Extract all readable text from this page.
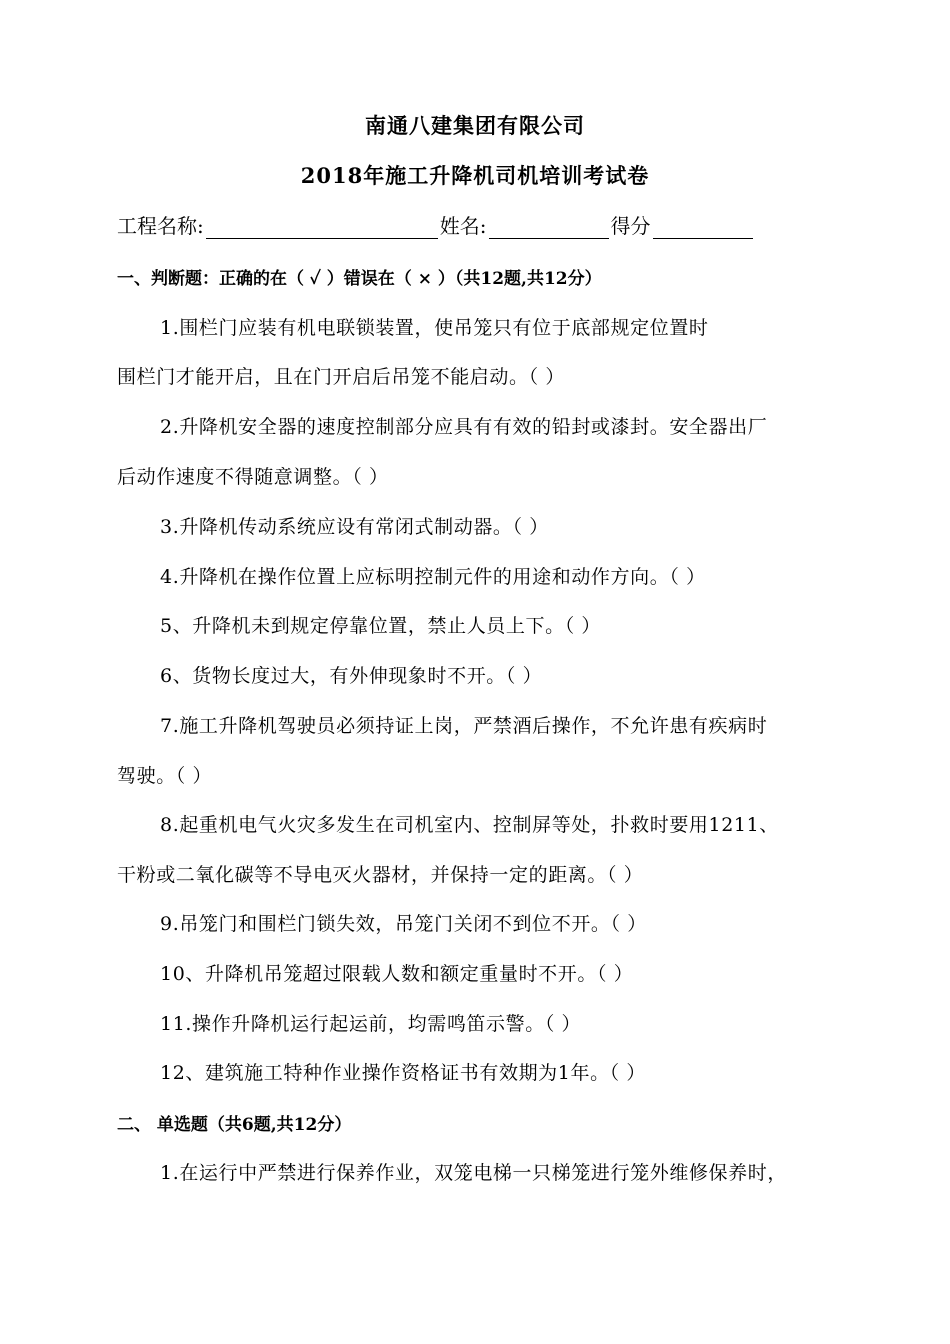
南通八建集团有限公司
2018年施工升降机司机培训考试卷
工程名称:	姓名:	得分
一、判断题：正确的在（ ✓ ）错误在（ × ）（共12题,共12分）
1.围栏门应装有机电联锁装置，使吊笼只有位于底部规定位置时
围栏门才能开启，且在门开启后吊笼不能启动。（ ）
2.升降机安全器的速度控制部分应具有有效的铅封或漆封。安全器出厂
后动作速度不得随意调整。（ ）
3.升降机传动系统应设有常闭式制动器。（ ）
4.升降机在操作位置上应标明控制元件的用途和动作方向。（ ）
5、升降机未到规定停靠位置，禁止人员上下。（ ）
6、货物长度过大，有外伸现象时不开。（ ）
7.施工升降机驾驶员必须持证上岗，严禁酒后操作，不允许患有疾病时
驾驶。（ ）
8.起重机电气火灾多发生在司机室内、控制屏等处，扑救时要用1211、
干粉或二氧化碳等不导电灭火器材，并保持一定的距离。（ ）
9.吊笼门和围栏门锁失效，吊笼门关闭不到位不开。（ ）
10、升降机吊笼超过限载人数和额定重量时不开。（ ）
11.操作升降机运行起运前，均需鸣笛示警。（ ）
12、建筑施工特种作业操作资格证书有效期为1年。（ ）
二、 单选题（共6题,共12分）
1.在运行中严禁进行保养作业，双笼电梯一只梯笼进行笼外维修保养时，
